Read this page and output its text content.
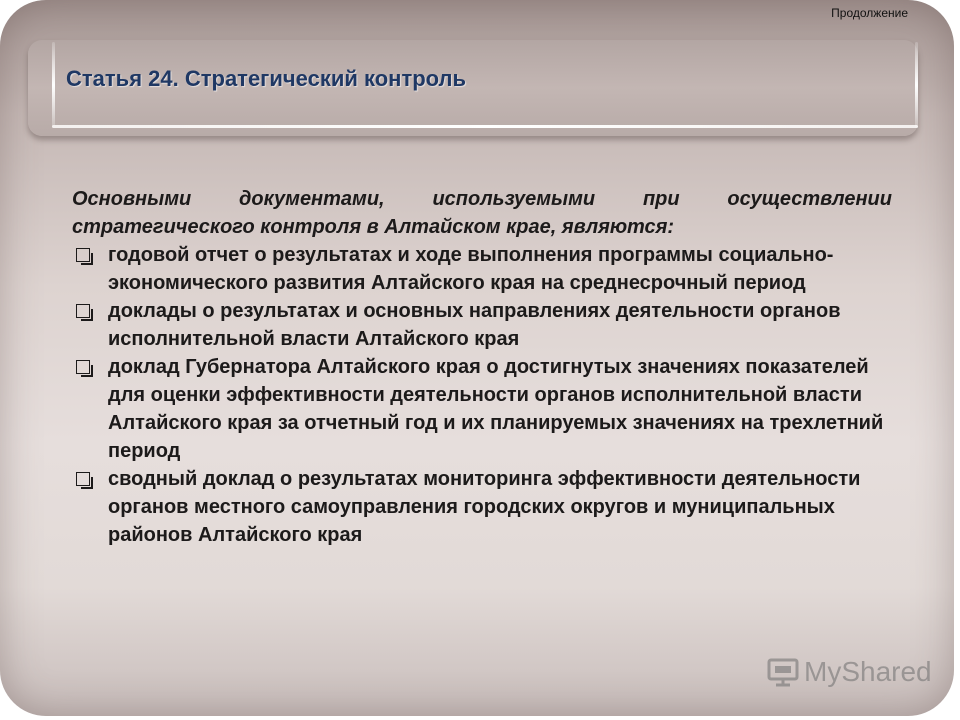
Продолжение
Статья 24. Стратегический контроль

Основными документами, используемыми при осуществлении стратегического контроля в Алтайском крае, являются:

годовой отчет о результатах и ходе выполнения программы социально-экономического развития Алтайского края на среднесрочный период
доклады о результатах и основных направлениях деятельности органов исполнительной власти Алтайского края
доклад Губернатора Алтайского края о достигнутых значениях показателей для оценки эффективности деятельности органов исполнительной власти Алтайского края за отчетный год и их планируемых значениях на трехлетний период
сводный доклад о результатах мониторинга эффективности деятельности органов местного самоуправления городских округов и муниципальных районов Алтайского края
MyShared
